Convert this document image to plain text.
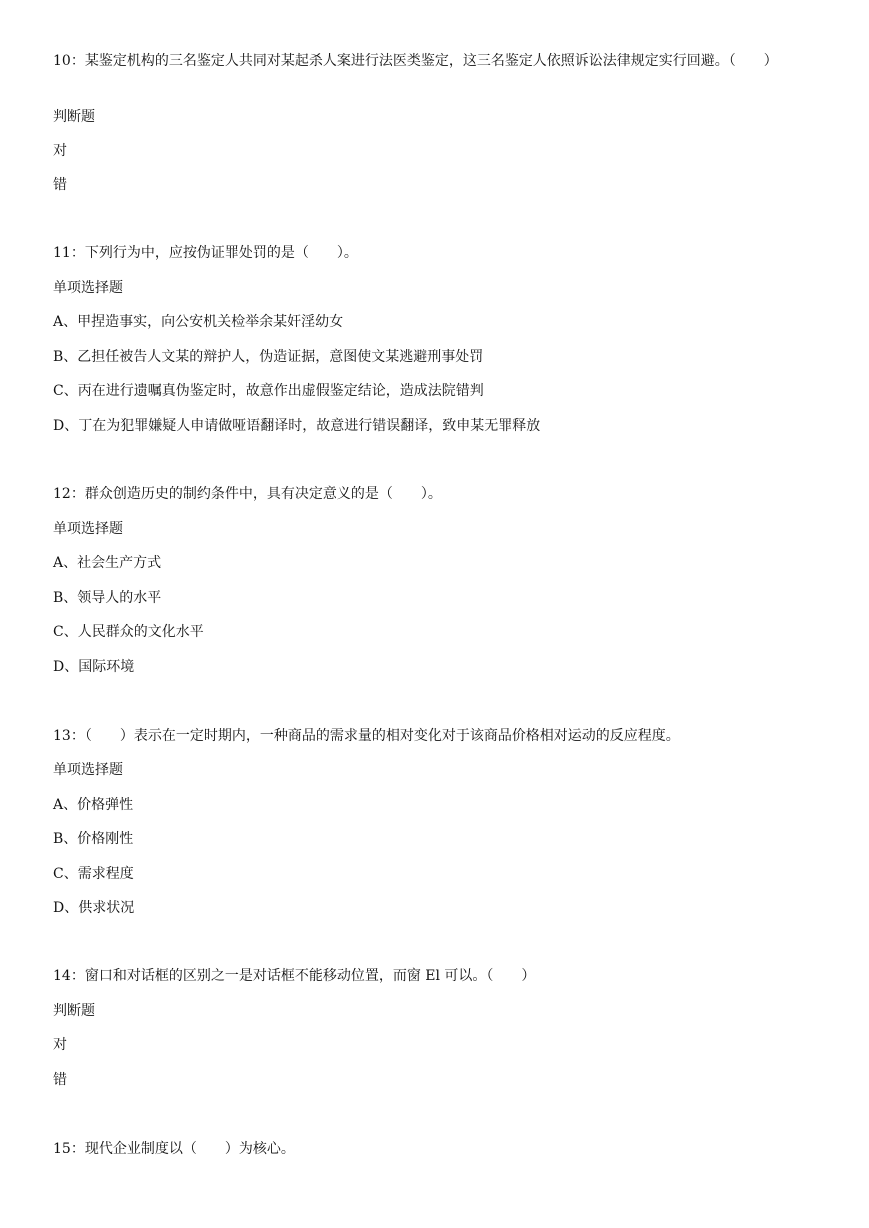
10：某鉴定机构的三名鉴定人共同对某起杀人案进行法医类鉴定，这三名鉴定人依照诉讼法律规定实行回避。（　　）
判断题
对
错
11：下列行为中，应按伪证罪处罚的是（　　）。
单项选择题
A、甲捏造事实，向公安机关检举余某奸淫幼女
B、乙担任被告人文某的辩护人，伪造证据，意图使文某逃避刑事处罚
C、丙在进行遗嘱真伪鉴定时，故意作出虚假鉴定结论，造成法院错判
D、丁在为犯罪嫌疑人申请做哑语翻译时，故意进行错误翻译，致申某无罪释放
12：群众创造历史的制约条件中，具有决定意义的是（　　）。
单项选择题
A、社会生产方式
B、领导人的水平
C、人民群众的文化水平
D、国际环境
13：（　　）表示在一定时期内，一种商品的需求量的相对变化对于该商品价格相对运动的反应程度。
单项选择题
A、价格弹性
B、价格刚性
C、需求程度
D、供求状况
14：窗口和对话框的区别之一是对话框不能移动位置，而窗 El 可以。（　　）
判断题
对
错
15：现代企业制度以（　　）为核心。
